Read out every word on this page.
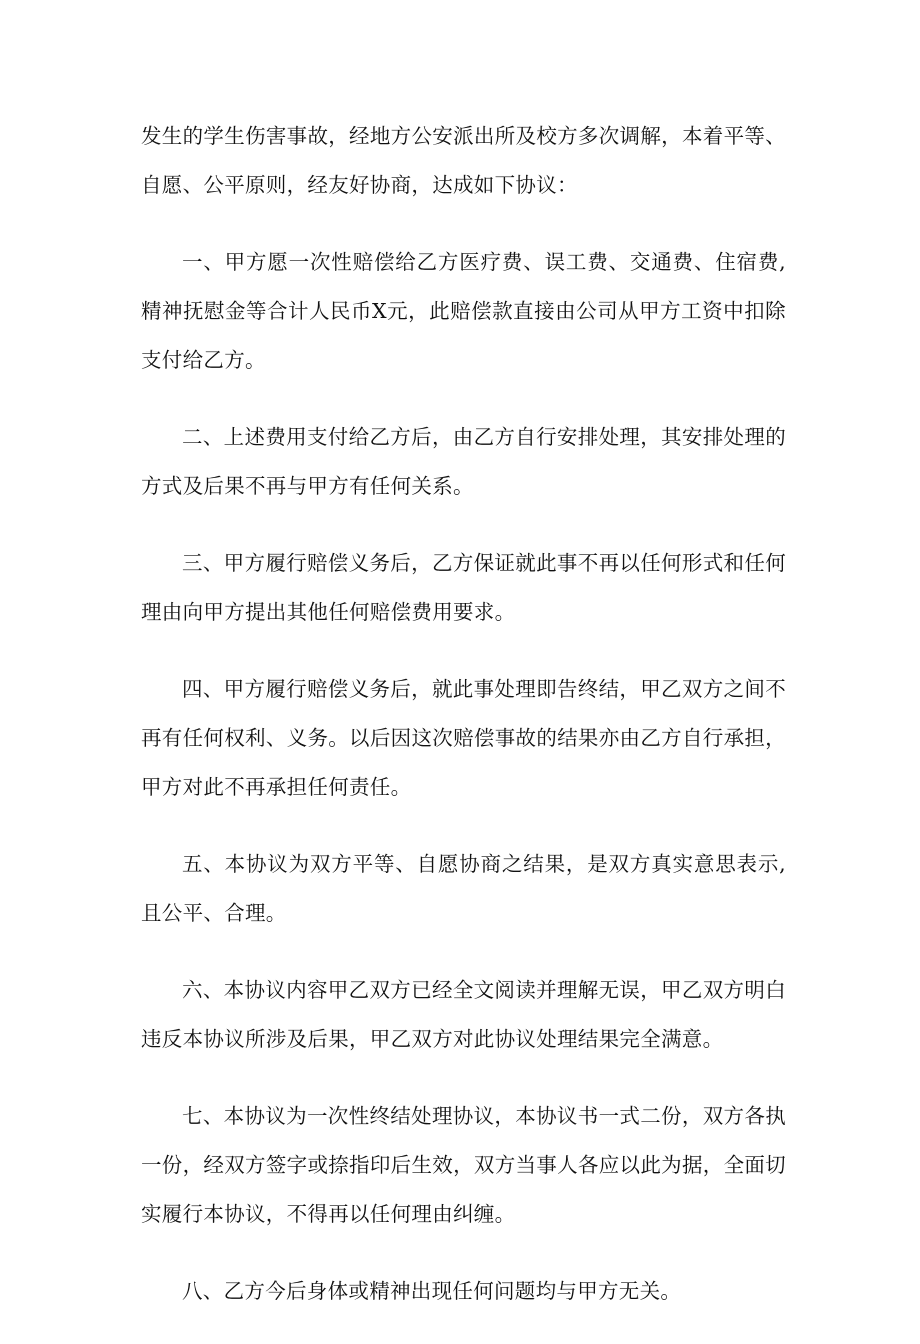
发生的学生伤害事故，经地方公安派出所及校方多次调解，本着平等、自愿、公平原则，经友好协商，达成如下协议：

一、甲方愿一次性赔偿给乙方医疗费、误工费、交通费、住宿费,精神抚慰金等合计人民币X元，此赔偿款直接由公司从甲方工资中扣除支付给乙方。

二、上述费用支付给乙方后，由乙方自行安排处理，其安排处理的方式及后果不再与甲方有任何关系。

三、甲方履行赔偿义务后，乙方保证就此事不再以任何形式和任何理由向甲方提出其他任何赔偿费用要求。

四、甲方履行赔偿义务后，就此事处理即告终结，甲乙双方之间不再有任何权利、义务。以后因这次赔偿事故的结果亦由乙方自行承担，甲方对此不再承担任何责任。

五、本协议为双方平等、自愿协商之结果，是双方真实意思表示,且公平、合理。

六、本协议内容甲乙双方已经全文阅读并理解无误，甲乙双方明白违反本协议所涉及后果，甲乙双方对此协议处理结果完全满意。

七、本协议为一次性终结处理协议，本协议书一式二份，双方各执一份，经双方签字或捺指印后生效，双方当事人各应以此为据，全面切实履行本协议，不得再以任何理由纠缠。

八、乙方今后身体或精神出现任何问题均与甲方无关。
